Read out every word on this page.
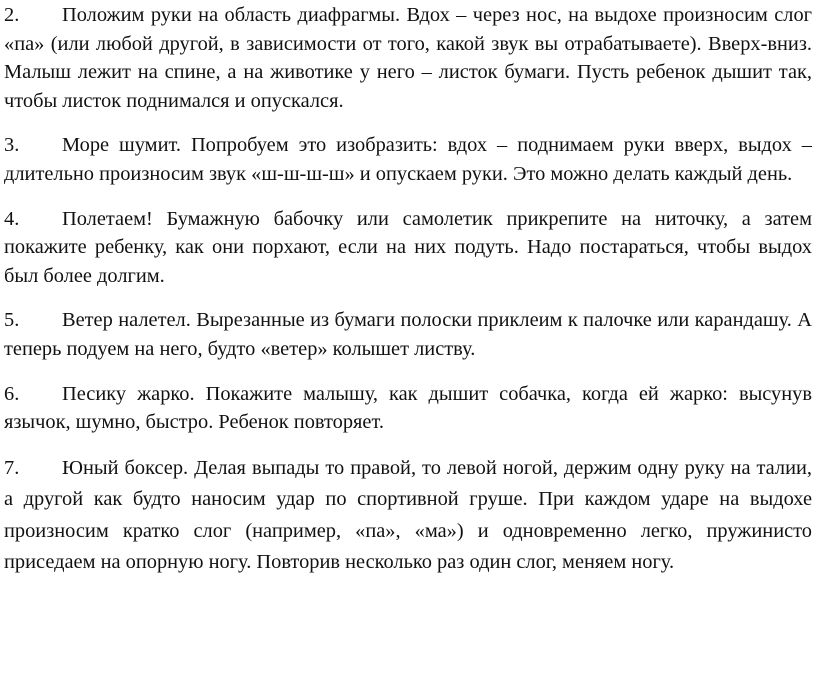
2. Положим руки на область диафрагмы. Вдох – через нос, на выдохе произносим слог «па» (или любой другой, в зависимости от того, какой звук вы отрабатываете). Вверх-вниз. Малыш лежит на спине, а на животике у него – листок бумаги. Пусть ребенок дышит так, чтобы листок поднимался и опускался.

3. Море шумит. Попробуем это изобразить: вдох – поднимаем руки вверх, выдох – длительно произносим звук «ш-ш-ш-ш» и опускаем руки. Это можно делать каждый день.

4. Полетаем! Бумажную бабочку или самолетик прикрепите на ниточку, а затем покажите ребенку, как они порхают, если на них подуть. Надо постараться, чтобы выдох был более долгим.

5. Ветер налетел. Вырезанные из бумаги полоски приклеим к палочке или карандашу. А теперь подуем на него, будто «ветер» колышет листву.

6. Песику жарко. Покажите малышу, как дышит собачка, когда ей жарко: высунув язычок, шумно, быстро. Ребенок повторяет.

7. Юный боксер. Делая выпады то правой, то левой ногой, держим одну руку на талии, а другой как будто наносим удар по спортивной груше. При каждом ударе на выдохе произносим кратко слог (например, «па», «ма») и одновременно легко, пружинисто приседаем на опорную ногу. Повторив несколько раз один слог, меняем ногу.
